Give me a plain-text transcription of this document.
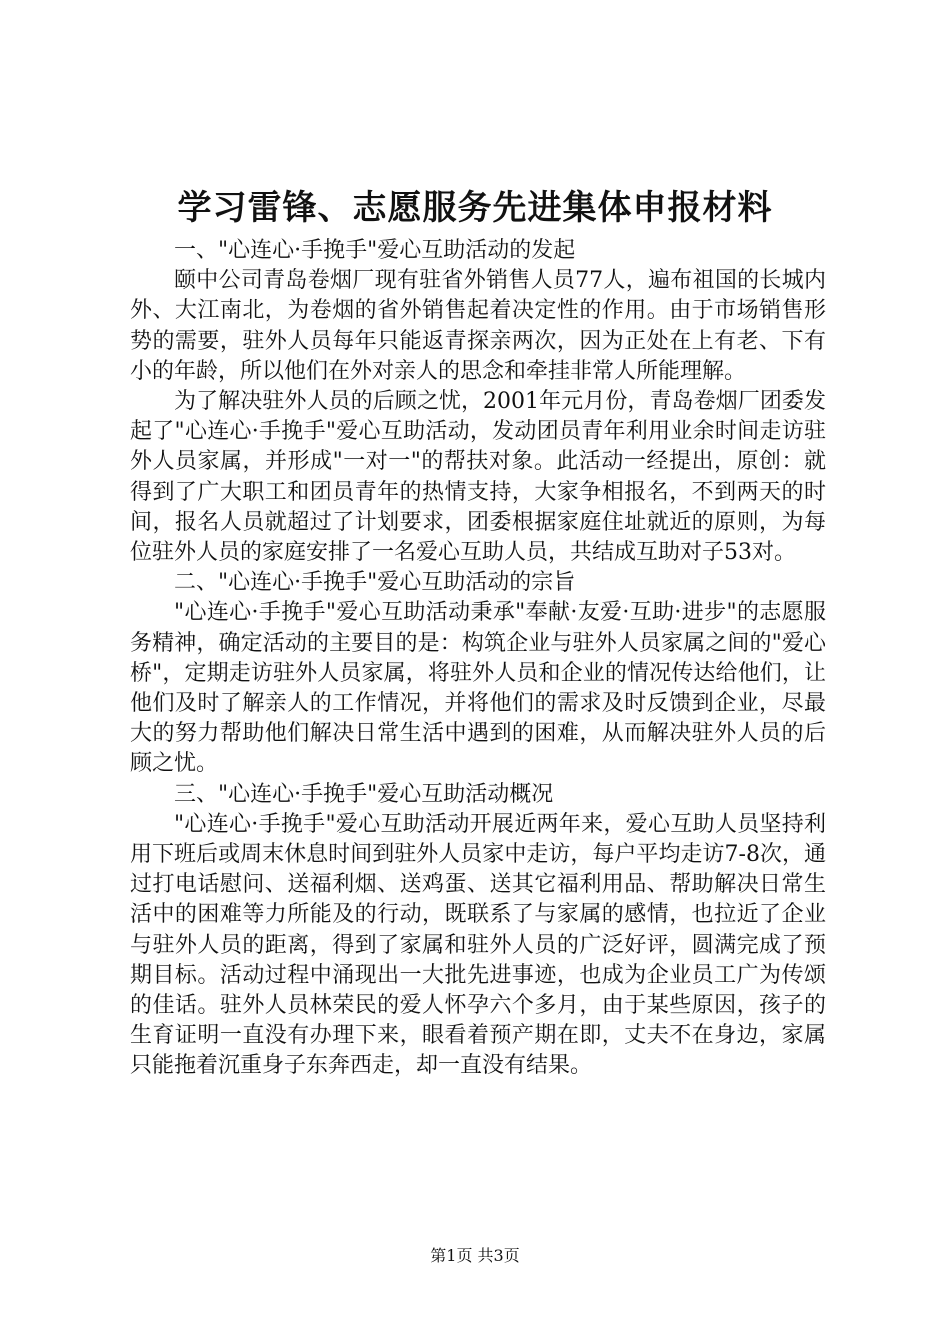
学习雷锋、志愿服务先进集体申报材料

一、"心连心·手挽手"爱心互助活动的发起

颐中公司青岛卷烟厂现有驻省外销售人员77人，遍布祖国的长城内外、大江南北，为卷烟的省外销售起着决定性的作用。由于市场销售形势的需要，驻外人员每年只能返青探亲两次，因为正处在上有老、下有小的年龄，所以他们在外对亲人的思念和牵挂非常人所能理解。

为了解决驻外人员的后顾之忧，2001年元月份，青岛卷烟厂团委发起了"心连心·手挽手"爱心互助活动，发动团员青年利用业余时间走访驻外人员家属，并形成"一对一"的帮扶对象。此活动一经提出，原创：就得到了广大职工和团员青年的热情支持，大家争相报名，不到两天的时间，报名人员就超过了计划要求，团委根据家庭住址就近的原则，为每位驻外人员的家庭安排了一名爱心互助人员，共结成互助对子53对。

二、"心连心·手挽手"爱心互助活动的宗旨

"心连心·手挽手"爱心互助活动秉承"奉献·友爱·互助·进步"的志愿服务精神，确定活动的主要目的是：构筑企业与驻外人员家属之间的"爱心桥"，定期走访驻外人员家属，将驻外人员和企业的情况传达给他们，让他们及时了解亲人的工作情况，并将他们的需求及时反馈到企业，尽最大的努力帮助他们解决日常生活中遇到的困难，从而解决驻外人员的后顾之忧。

三、"心连心·手挽手"爱心互助活动概况

"心连心·手挽手"爱心互助活动开展近两年来，爱心互助人员坚持利用下班后或周末休息时间到驻外人员家中走访，每户平均走访7-8次，通过打电话慰问、送福利烟、送鸡蛋、送其它福利用品、帮助解决日常生活中的困难等力所能及的行动，既联系了与家属的感情，也拉近了企业与驻外人员的距离，得到了家属和驻外人员的广泛好评，圆满完成了预期目标。活动过程中涌现出一大批先进事迹，也成为企业员工广为传颂的佳话。驻外人员林荣民的爱人怀孕六个多月，由于某些原因，孩子的生育证明一直没有办理下来，眼看着预产期在即，丈夫不在身边，家属只能拖着沉重身子东奔西走，却一直没有结果。

第1页 共3页
